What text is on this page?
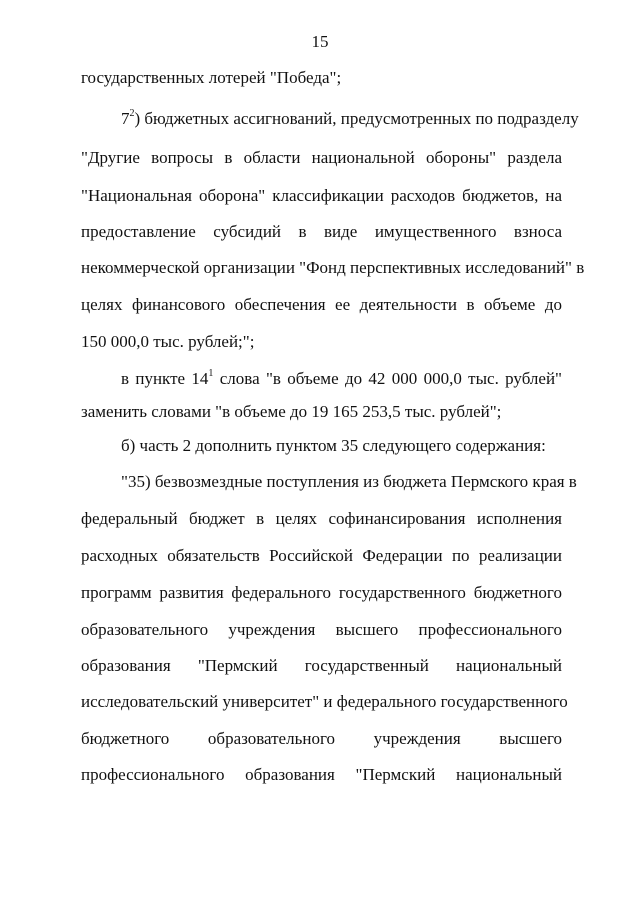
15
государственных лотерей "Победа";
$7^2$) бюджетных ассигнований, предусмотренных по подразделу
"Другие вопросы в области национальной обороны" раздела
"Национальная оборона" классификации расходов бюджетов, на
предоставление субсидий в виде имущественного взноса
некоммерческой организации "Фонд перспективных исследований" в
целях финансового обеспечения ее деятельности в объеме до
150 000,0 тыс. рублей;";
в пункте $14^1$ слова "в объеме до 42 000 000,0 тыс. рублей"
заменить словами "в объеме до 19 165 253,5 тыс. рублей";
б) часть 2 дополнить пунктом 35 следующего содержания:
"35) безвозмездные поступления из бюджета Пермского края в
федеральный бюджет в целях софинансирования исполнения
расходных обязательств Российской Федерации по реализации
программ развития федерального государственного бюджетного
образовательного учреждения высшего профессионального
образования "Пермский государственный национальный
исследовательский университет" и федерального государственного
бюджетного образовательного учреждения высшего
профессионального образования "Пермский национальный
